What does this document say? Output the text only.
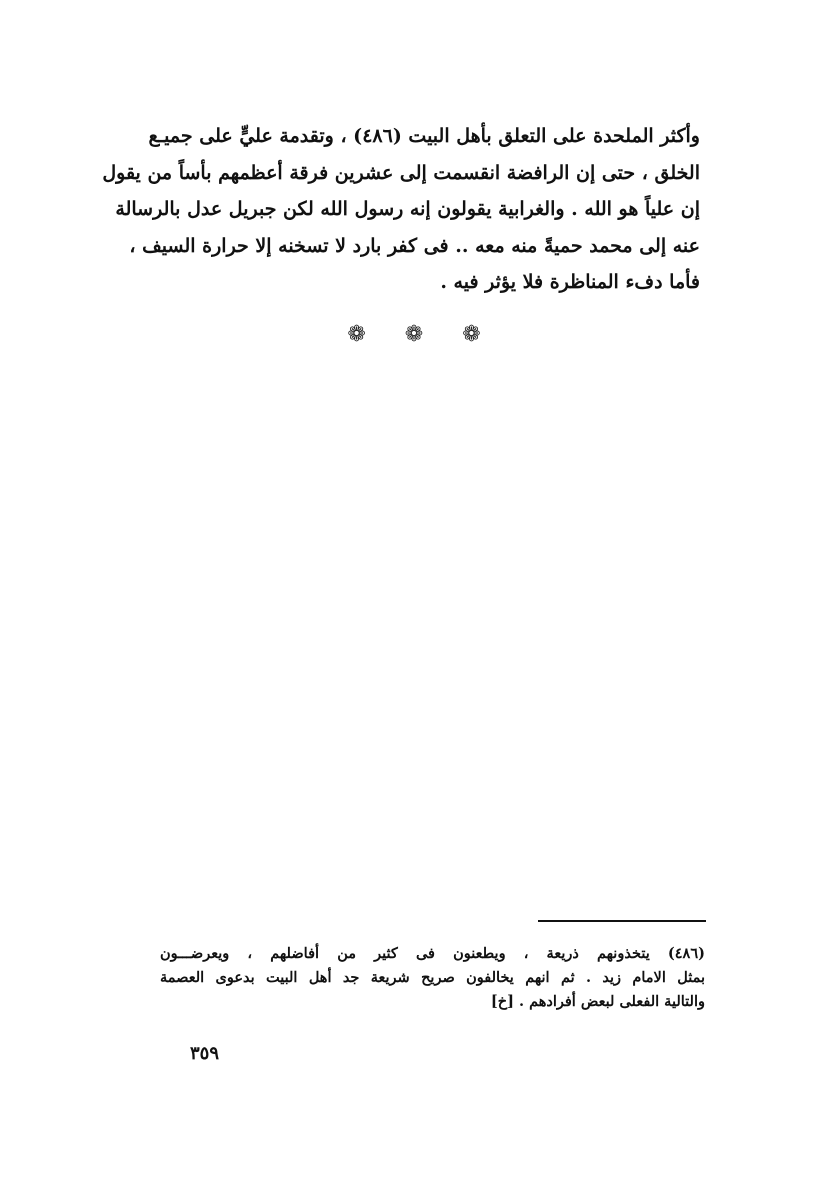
وأكثر الملحدة على التعلق بأهل البيت (٤٨٦) ، وتقدمة عليٍّ على جميـع
الخلق ، حتى إن الرافضة انقسمت إلى عشرين فرقة أعظمهم بأساً من يقول
إن علياً هو الله . والغرابية يقولون إنه رسول الله لكن جبريل عدل بالرسالة
عنه إلى محمد حميةً منه معه .. فى كفر بارد لا تسخنه إلا حرارة السيف ،
فأما دفء المناظرة فلا يؤثر فيه .
❁ ❁ ❁
(٤٨٦) يتخذونهم ذريعة ، ويطعنون فى كثير من أفاضلهم ، ويعرضـــون
بمثل الامام زيد . ثم انهم يخالفون صريح شريعة جد أهل البيت بدعوى العصمة
والتالية الفعلى لبعض أفرادهم . [خ]
٣٥٩
